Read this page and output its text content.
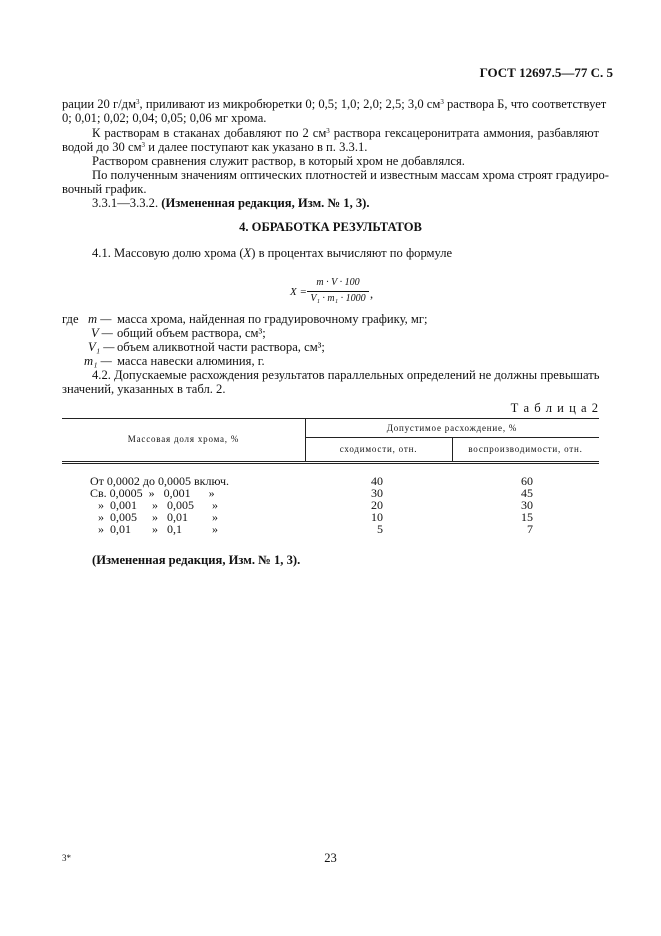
ГОСТ 12697.5—77 С. 5
рации 20 $г/дм^3$, приливают из микробюретки 0; 0,5; 1,0; 2,0; 2,5; 3,0 $см^3$ раствора Б, что соответствует
0; 0,01; 0,02; 0,04; 0,05; 0,06 мг хрома.
К растворам в стаканах добавляют по 2 $см^3$ раствора гексацеронитрата аммония, разбавляют
водой до 30 $см^3$ и далее поступают как указано в п. 3.3.1.
Раствором сравнения служит раствор, в который хром не добавлялся.
По полученным значениям оптических плотностей и известным массам хрома строят градуиро-
вочный график.
3.3.1—3.3.2. (Измененная редакция, Изм. № 1, 3).
4. ОБРАБОТКА РЕЗУЛЬТАТОВ
4.1. Массовую долю хрома (X) в процентах вычисляют по формуле
X =
m · V · 100
V₁ · m₁ · 1000 ,
где m — масса хрома, найденная по градуировочному графику, мг;
V — общий объем раствора, см³;
V₁ — объем аликвотной части раствора, см³;
m₁ — масса навески алюминия, г.
4.2. Допускаемые расхождения результатов параллельных определений не должны превышать
значений, указанных в табл. 2.
Т а б л и ц а 2
Массовая доля хрома, %
Допустимое расхождение, %
сходимости, отн.	воспроизводимости, отн.
От 0,0002 до 0,0005 включ.	40	60
Св. 0,0005  »   0,001      »	30	45
»  0,001     »   0,005      »	20	30
»  0,005     »   0,01        »	10	15
»  0,01       »   0,1          »	5	7
(Измененная редакция, Изм. № 1, 3).
3*	23
